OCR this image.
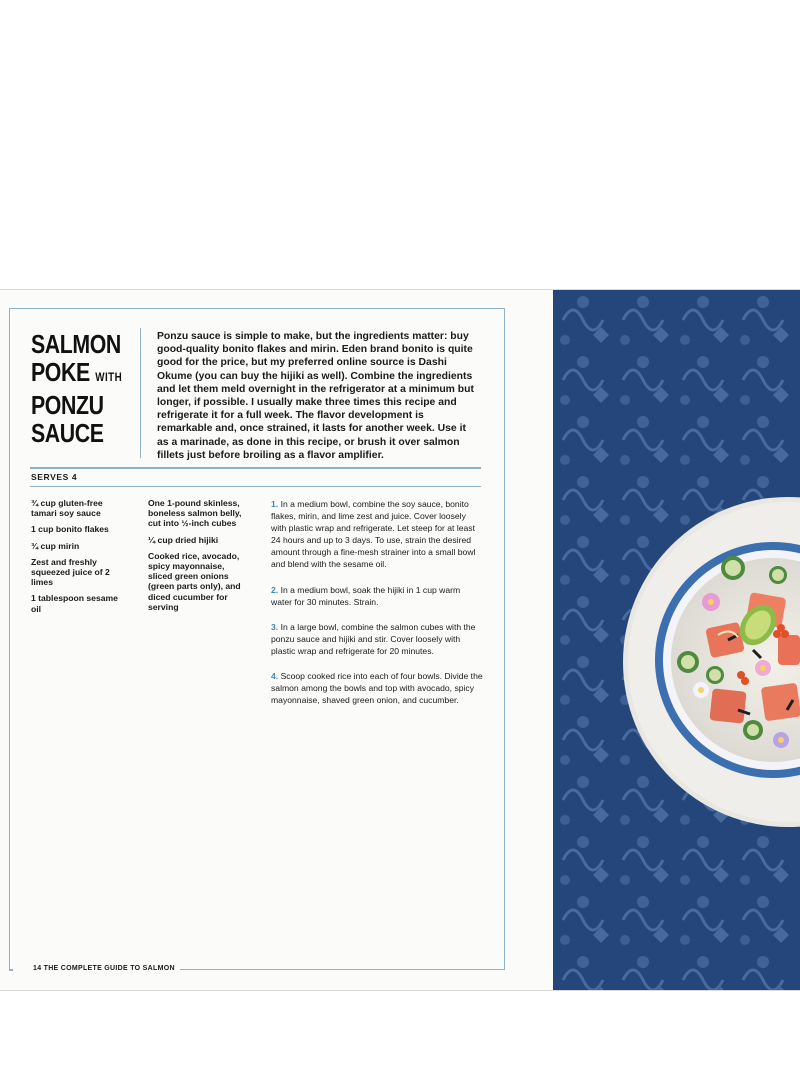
SALMON
POKE WITH
PONZU
SAUCE
Ponzu sauce is simple to make, but the ingredients matter: buy good-quality bonito flakes and mirin. Eden brand bonito is quite good for the price, but my preferred online source is Dashi Okume (you can buy the hijiki as well). Combine the ingredients and let them meld overnight in the refrigerator at a minimum but longer, if possible. I usually make three times this recipe and refrigerate it for a full week. The flavor development is remarkable and, once strained, it lasts for another week. Use it as a marinade, as done in this recipe, or brush it over salmon fillets just before broiling as a flavor amplifier.
SERVES 4
¾ cup gluten-free tamari soy sauce
1 cup bonito flakes
¾ cup mirin
Zest and freshly squeezed juice of 2 limes
1 tablespoon sesame oil
One 1-pound skinless, boneless salmon belly, cut into ½-inch cubes
¼ cup dried hijiki
Cooked rice, avocado, spicy mayonnaise, sliced green onions (green parts only), and diced cucumber for serving
1. In a medium bowl, combine the soy sauce, bonito flakes, mirin, and lime zest and juice. Cover loosely with plastic wrap and refrigerate. Let steep for at least 24 hours and up to 3 days. To use, strain the desired amount through a fine-mesh strainer into a small bowl and blend with the sesame oil.
2. In a medium bowl, soak the hijiki in 1 cup warm water for 30 minutes. Strain.
3. In a large bowl, combine the salmon cubes with the ponzu sauce and hijiki and stir. Cover loosely with plastic wrap and refrigerate for 20 minutes.
4. Scoop cooked rice into each of four bowls. Divide the salmon among the bowls and top with avocado, spicy mayonnaise, shaved green onion, and cucumber.
14 THE COMPLETE GUIDE TO SALMON
